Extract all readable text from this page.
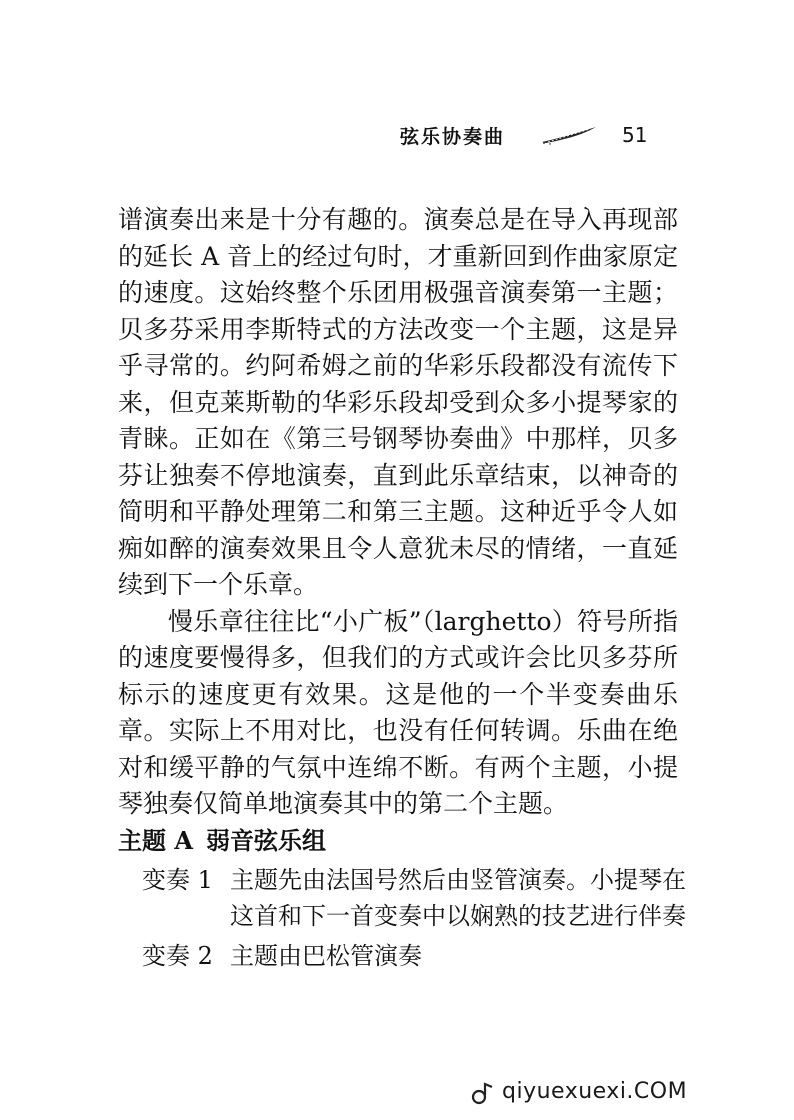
弦乐协奏曲	51

谱演奏出来是十分有趣的。演奏总是在导入再现部的延长 A 音上的经过句时，才重新回到作曲家原定的速度。这始终整个乐团用极强音演奏第一主题；贝多芬采用李斯特式的方法改变一个主题，这是异乎寻常的。约阿希姆之前的华彩乐段都没有流传下来，但克莱斯勒的华彩乐段却受到众多小提琴家的青睐。正如在《第三号钢琴协奏曲》中那样，贝多芬让独奏不停地演奏，直到此乐章结束，以神奇的简明和平静处理第二和第三主题。这种近乎令人如痴如醉的演奏效果且令人意犹未尽的情绪，一直延续到下一个乐章。

慢乐章往往比“小广板”（larghetto）符号所指的速度要慢得多，但我们的方式或许会比贝多芬所标示的速度更有效果。这是他的一个半变奏曲乐章。实际上不用对比，也没有任何转调。乐曲在绝对和缓平静的气氛中连绵不断。有两个主题，小提琴独奏仅简单地演奏其中的第二个主题。

主题 A 弱音弦乐组
变奏 1 主题先由法国号然后由竖管演奏。小提琴在这首和下一首变奏中以娴熟的技艺进行伴奏
变奏 2 主题由巴松管演奏
qiyuexuexi.COM
